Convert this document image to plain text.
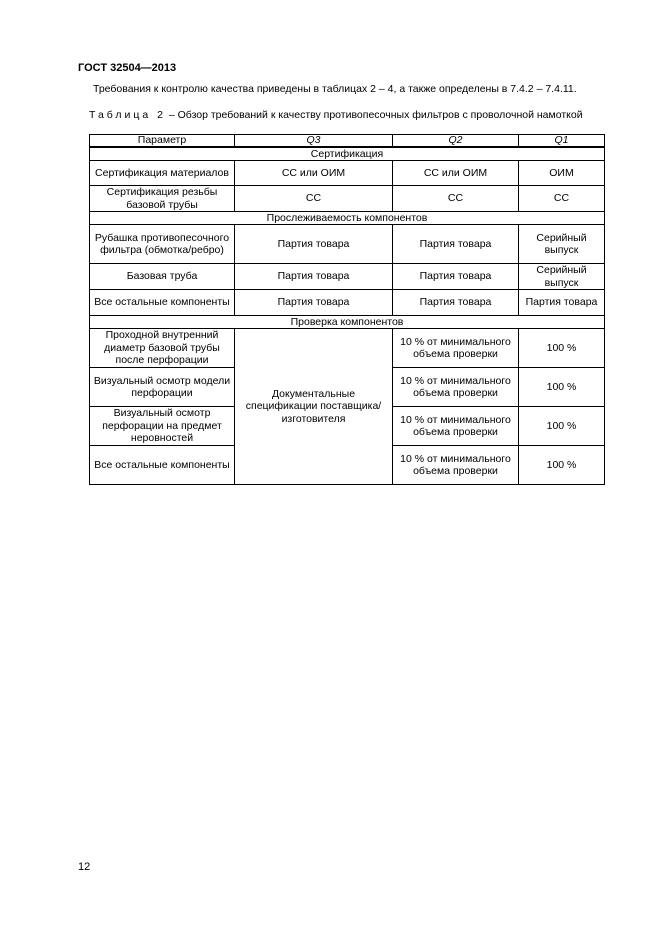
ГОСТ 32504—2013
Требования к контролю качества приведены в таблицах 2 – 4, а также определены в 7.4.2 – 7.4.11.
Таблица 2 – Обзор требований к качеству противопесочных фильтров с проволочной намоткой
Параметр	Q3	Q2	Q1
Сертификация			
Сертификация материалов	СС или ОИМ	СС или ОИМ	ОИМ
Сертификация резьбы базовой трубы	СС	СС	СС
Прослеживаемость компонентов			
Рубашка противопесочного фильтра (обмотка/ребро)	Партия товара	Партия товара	Серийный выпуск
Базовая труба	Партия товара	Партия товара	Серийный выпуск
Все остальные компоненты	Партия товара	Партия товара	Партия товара
Проверка компонентов			
Проходной внутренний диаметр базовой трубы после перфорации	Документальные спецификации поставщика/изготовителя	10 % от минимального объема проверки	100 %
Визуальный осмотр модели перфорации		10 % от минимального объема проверки	100 %
Визуальный осмотр перфорации на предмет неровностей		10 % от минимального объема проверки	100 %
Все остальные компоненты		10 % от минимального объема проверки	100 %
12
